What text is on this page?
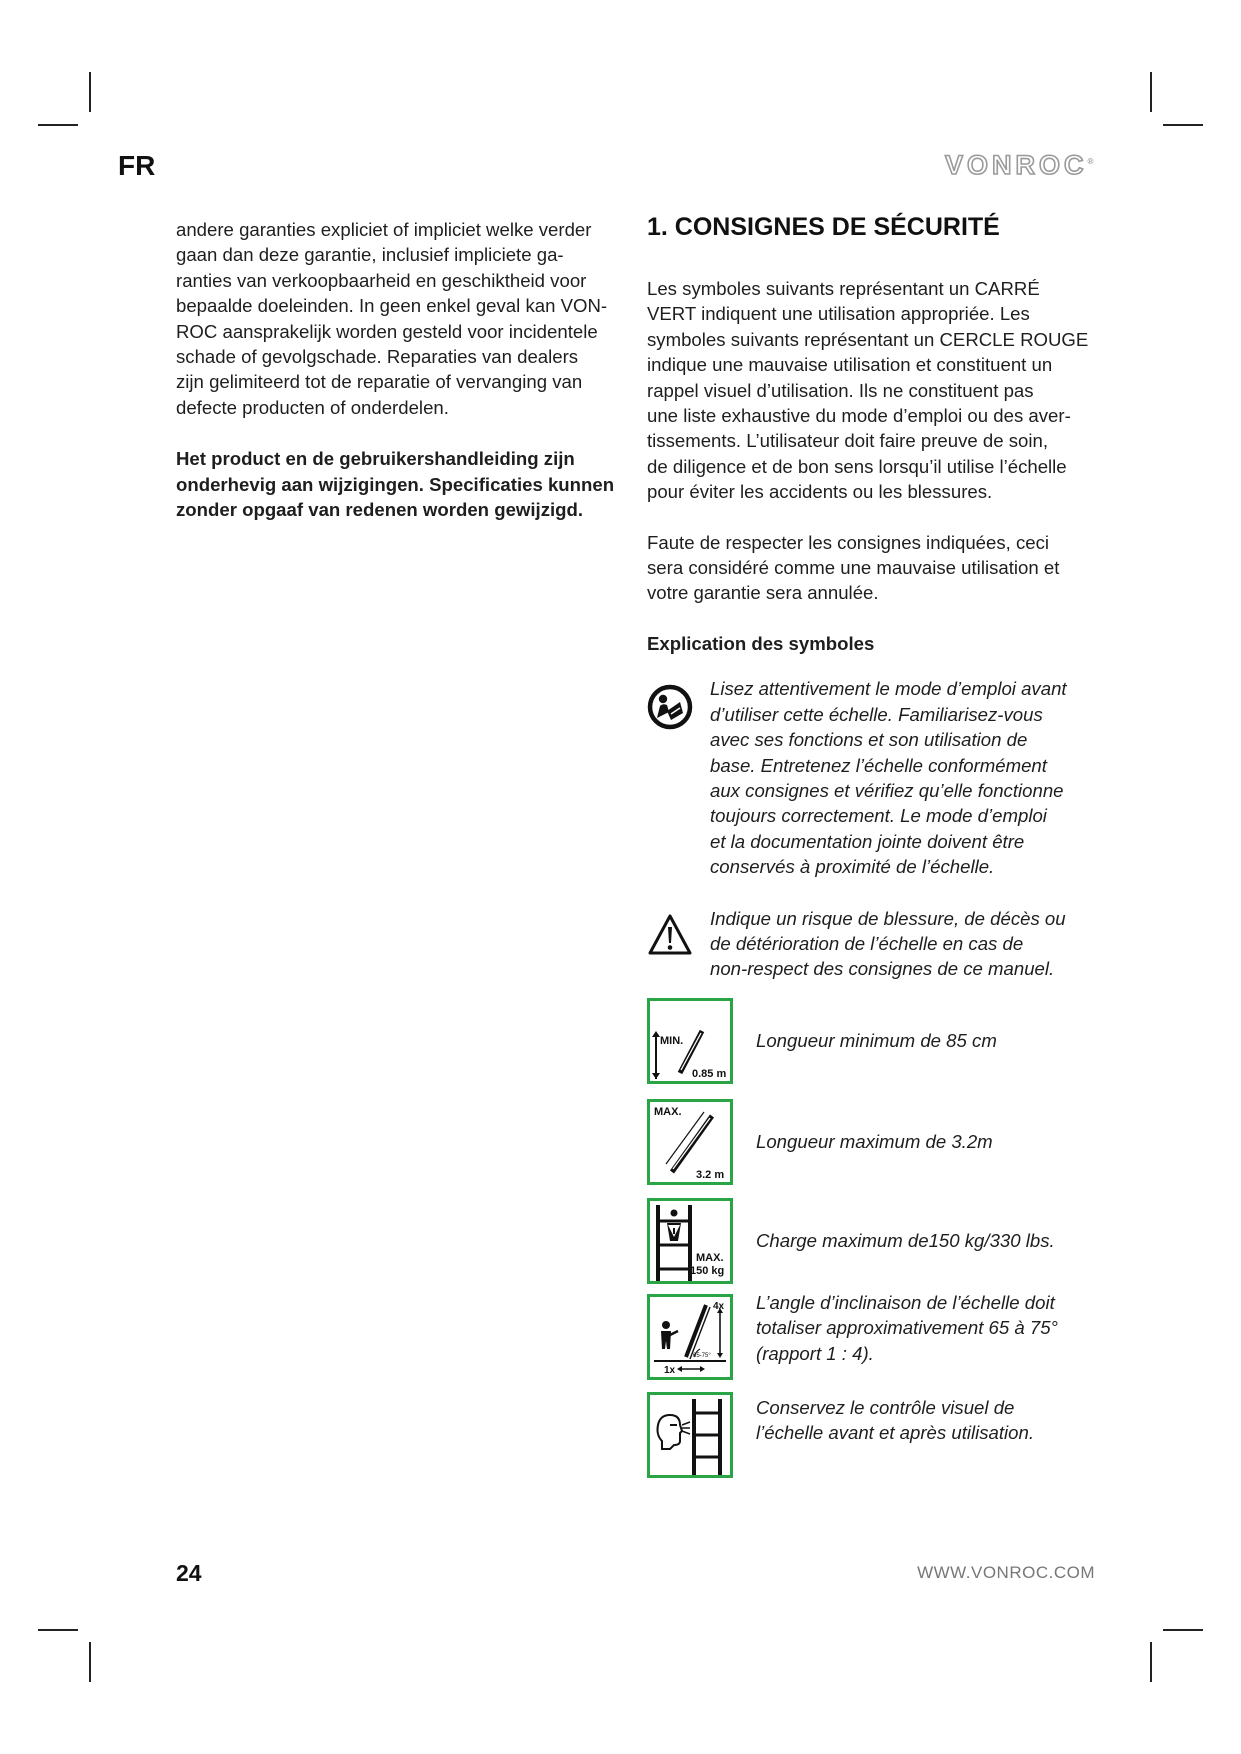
FR	VONROC®

andere garanties expliciet of impliciet welke verder
gaan dan deze garantie, inclusief impliciete ga-
ranties van verkoopbaarheid en geschiktheid voor
bepaalde doeleinden. In geen enkel geval kan VON-
ROC aansprakelijk worden gesteld voor incidentele
schade of gevolgschade. Reparaties van dealers
zijn gelimiteerd tot de reparatie of vervanging van
defecte producten of onderdelen.

Het product en de gebruikershandleiding zijn
onderhevig aan wijzigingen. Specificaties kunnen
zonder opgaaf van redenen worden gewijzigd.

1. CONSIGNES DE SÉCURITÉ

Les symboles suivants représentant un CARRÉ
VERT indiquent une utilisation appropriée. Les
symboles suivants représentant un CERCLE ROUGE
indique une mauvaise utilisation et constituent un
rappel visuel d’utilisation. Ils ne constituent pas
une liste exhaustive du mode d’emploi ou des aver-
tissements. L’utilisateur doit faire preuve de soin,
de diligence et de bon sens lorsqu’il utilise l’échelle
pour éviter les accidents ou les blessures.

Faute de respecter les consignes indiquées, ceci
sera considéré comme une mauvaise utilisation et
votre garantie sera annulée.

Explication des symboles
Lisez attentivement le mode d’emploi avant
d’utiliser cette échelle. Familiarisez-vous
avec ses fonctions et son utilisation de
base. Entretenez l’échelle conformément
aux consignes et vérifiez qu’elle fonctionne
toujours correctement. Le mode d’emploi
et la documentation jointe doivent être
conservés à proximité de l’échelle.
Indique un risque de blessure, de décès ou
de détérioration de l’échelle en cas de
non-respect des consignes de ce manuel.
MIN.
0.85 m
Longueur minimum de 85 cm
MAX.
3.2 m
Longueur maximum de 3.2m
MAX.
150 kg
Charge maximum de150 kg/330 lbs.
65-75°
4x
1x
L’angle d’inclinaison de l’échelle doit
totaliser approximativement 65 à 75°
(rapport 1 : 4).
Conservez le contrôle visuel de
l’échelle avant et après utilisation.
24	WWW.VONROC.COM
